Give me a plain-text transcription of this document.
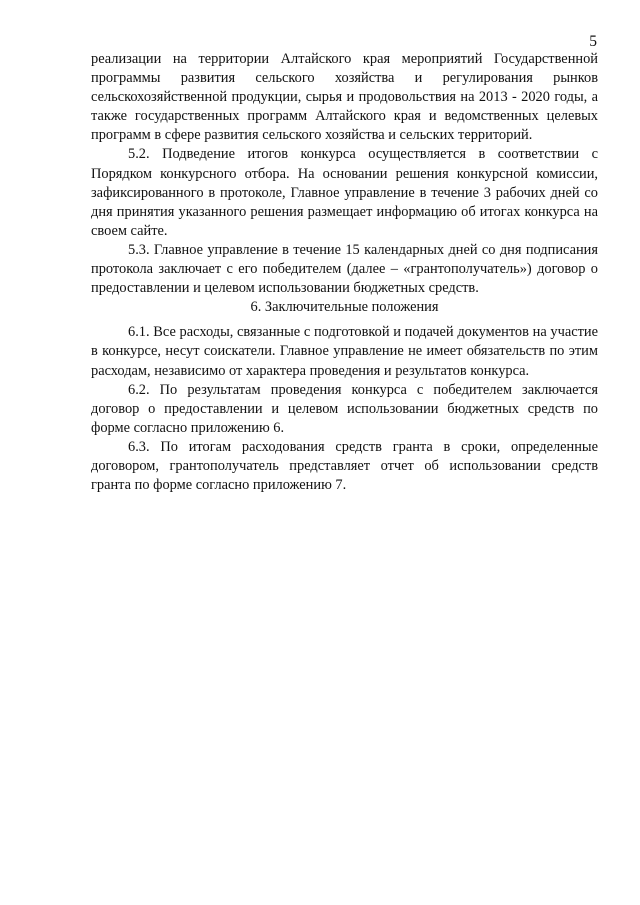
5

реализации на территории Алтайского края мероприятий Государственной программы развития сельского хозяйства и регулирования рынков сельскохозяйственной продукции, сырья и продовольствия на 2013 - 2020 годы, а также государственных программ Алтайского края и ведомственных целевых программ в сфере развития сельского хозяйства и сельских территорий.

5.2. Подведение итогов конкурса осуществляется в соответствии с Порядком конкурсного отбора. На основании решения конкурсной комиссии, зафиксированного в протоколе, Главное управление в течение 3 рабочих дней со дня принятия указанного решения размещает информацию об итогах конкурса на своем сайте.

5.3. Главное управление в течение 15 календарных дней со дня подписания протокола заключает с его победителем (далее – «грантополучатель») договор о предоставлении и целевом использовании бюджетных средств.

6. Заключительные положения

6.1. Все расходы, связанные с подготовкой и подачей документов на участие в конкурсе, несут соискатели. Главное управление не имеет обязательств по этим расходам, независимо от характера проведения и результатов конкурса.

6.2. По результатам проведения конкурса с победителем заключается договор о предоставлении и целевом использовании бюджетных средств по форме согласно приложению 6.

6.3. По итогам расходования средств гранта в сроки, определенные договором, грантополучатель представляет отчет об использовании средств гранта по форме согласно приложению 7.
